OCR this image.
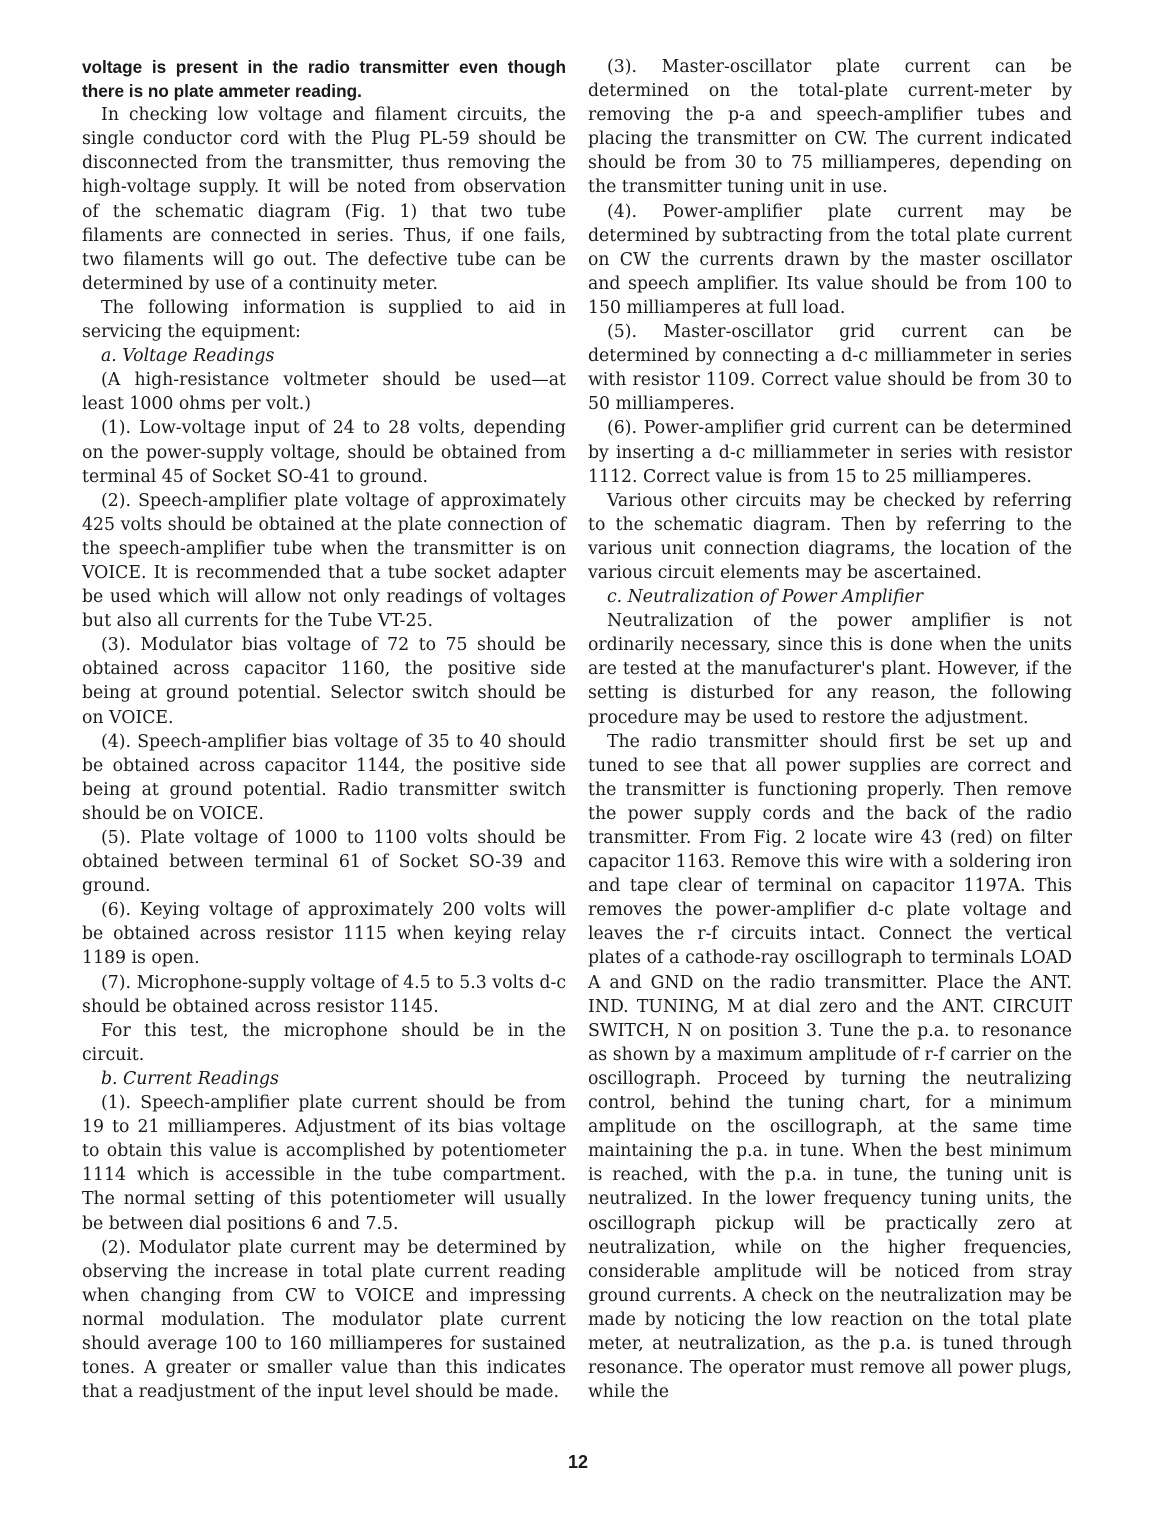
voltage is present in the radio transmitter even though there is no plate ammeter reading.

In checking low voltage and filament circuits, the single conductor cord with the Plug PL-59 should be disconnected from the transmitter, thus removing the high-voltage supply. It will be noted from observation of the schematic diagram (Fig. 1) that two tube filaments are connected in series. Thus, if one fails, two filaments will go out. The defective tube can be determined by use of a continuity meter.

The following information is supplied to aid in servicing the equipment:

a. Voltage Readings

(A high-resistance voltmeter should be used—at least 1000 ohms per volt.)

(1). Low-voltage input of 24 to 28 volts, depending on the power-supply voltage, should be obtained from terminal 45 of Socket SO-41 to ground.

(2). Speech-amplifier plate voltage of approximately 425 volts should be obtained at the plate connection of the speech-amplifier tube when the transmitter is on VOICE. It is recommended that a tube socket adapter be used which will allow not only readings of voltages but also all currents for the Tube VT-25.

(3). Modulator bias voltage of 72 to 75 should be obtained across capacitor 1160, the positive side being at ground potential. Selector switch should be on VOICE.

(4). Speech-amplifier bias voltage of 35 to 40 should be obtained across capacitor 1144, the positive side being at ground potential. Radio transmitter switch should be on VOICE.

(5). Plate voltage of 1000 to 1100 volts should be obtained between terminal 61 of Socket SO-39 and ground.

(6). Keying voltage of approximately 200 volts will be obtained across resistor 1115 when keying relay 1189 is open.

(7). Microphone-supply voltage of 4.5 to 5.3 volts d-c should be obtained across resistor 1145.

For this test, the microphone should be in the circuit.

b. Current Readings

(1). Speech-amplifier plate current should be from 19 to 21 milliamperes. Adjustment of its bias voltage to obtain this value is accomplished by potentiometer 1114 which is accessible in the tube compartment. The normal setting of this potentiometer will usually be between dial positions 6 and 7.5.

(2). Modulator plate current may be determined by observing the increase in total plate current reading when changing from CW to VOICE and impressing normal modulation. The modulator plate current should average 100 to 160 milliamperes for sustained tones. A greater or smaller value than this indicates that a readjustment of the input level should be made.

(3). Master-oscillator plate current can be determined on the total-plate current-meter by removing the p-a and speech-amplifier tubes and placing the transmitter on CW. The current indicated should be from 30 to 75 milliamperes, depending on the transmitter tuning unit in use.

(4). Power-amplifier plate current may be determined by subtracting from the total plate current on CW the currents drawn by the master oscillator and speech amplifier. Its value should be from 100 to 150 milliamperes at full load.

(5). Master-oscillator grid current can be determined by connecting a d-c milliammeter in series with resistor 1109. Correct value should be from 30 to 50 milliamperes.

(6). Power-amplifier grid current can be determined by inserting a d-c milliammeter in series with resistor 1112. Correct value is from 15 to 25 milliamperes.

Various other circuits may be checked by referring to the schematic diagram. Then by referring to the various unit connection diagrams, the location of the various circuit elements may be ascertained.

c. Neutralization of Power Amplifier

Neutralization of the power amplifier is not ordinarily necessary, since this is done when the units are tested at the manufacturer's plant. However, if the setting is disturbed for any reason, the following procedure may be used to restore the adjustment.

The radio transmitter should first be set up and tuned to see that all power supplies are correct and the transmitter is functioning properly. Then remove the power supply cords and the back of the radio transmitter. From Fig. 2 locate wire 43 (red) on filter capacitor 1163. Remove this wire with a soldering iron and tape clear of terminal on capacitor 1197A. This removes the power-amplifier d-c plate voltage and leaves the r-f circuits intact. Connect the vertical plates of a cathode-ray oscillograph to terminals LOAD A and GND on the radio transmitter. Place the ANT. IND. TUNING, M at dial zero and the ANT. CIRCUIT SWITCH, N on position 3. Tune the p.a. to resonance as shown by a maximum amplitude of r-f carrier on the oscillograph. Proceed by turning the neutralizing control, behind the tuning chart, for a minimum amplitude on the oscillograph, at the same time maintaining the p.a. in tune. When the best minimum is reached, with the p.a. in tune, the tuning unit is neutralized. In the lower frequency tuning units, the oscillograph pickup will be practically zero at neutralization, while on the higher frequencies, considerable amplitude will be noticed from stray ground currents. A check on the neutralization may be made by noticing the low reaction on the total plate meter, at neutralization, as the p.a. is tuned through resonance. The operator must remove all power plugs, while the

12
